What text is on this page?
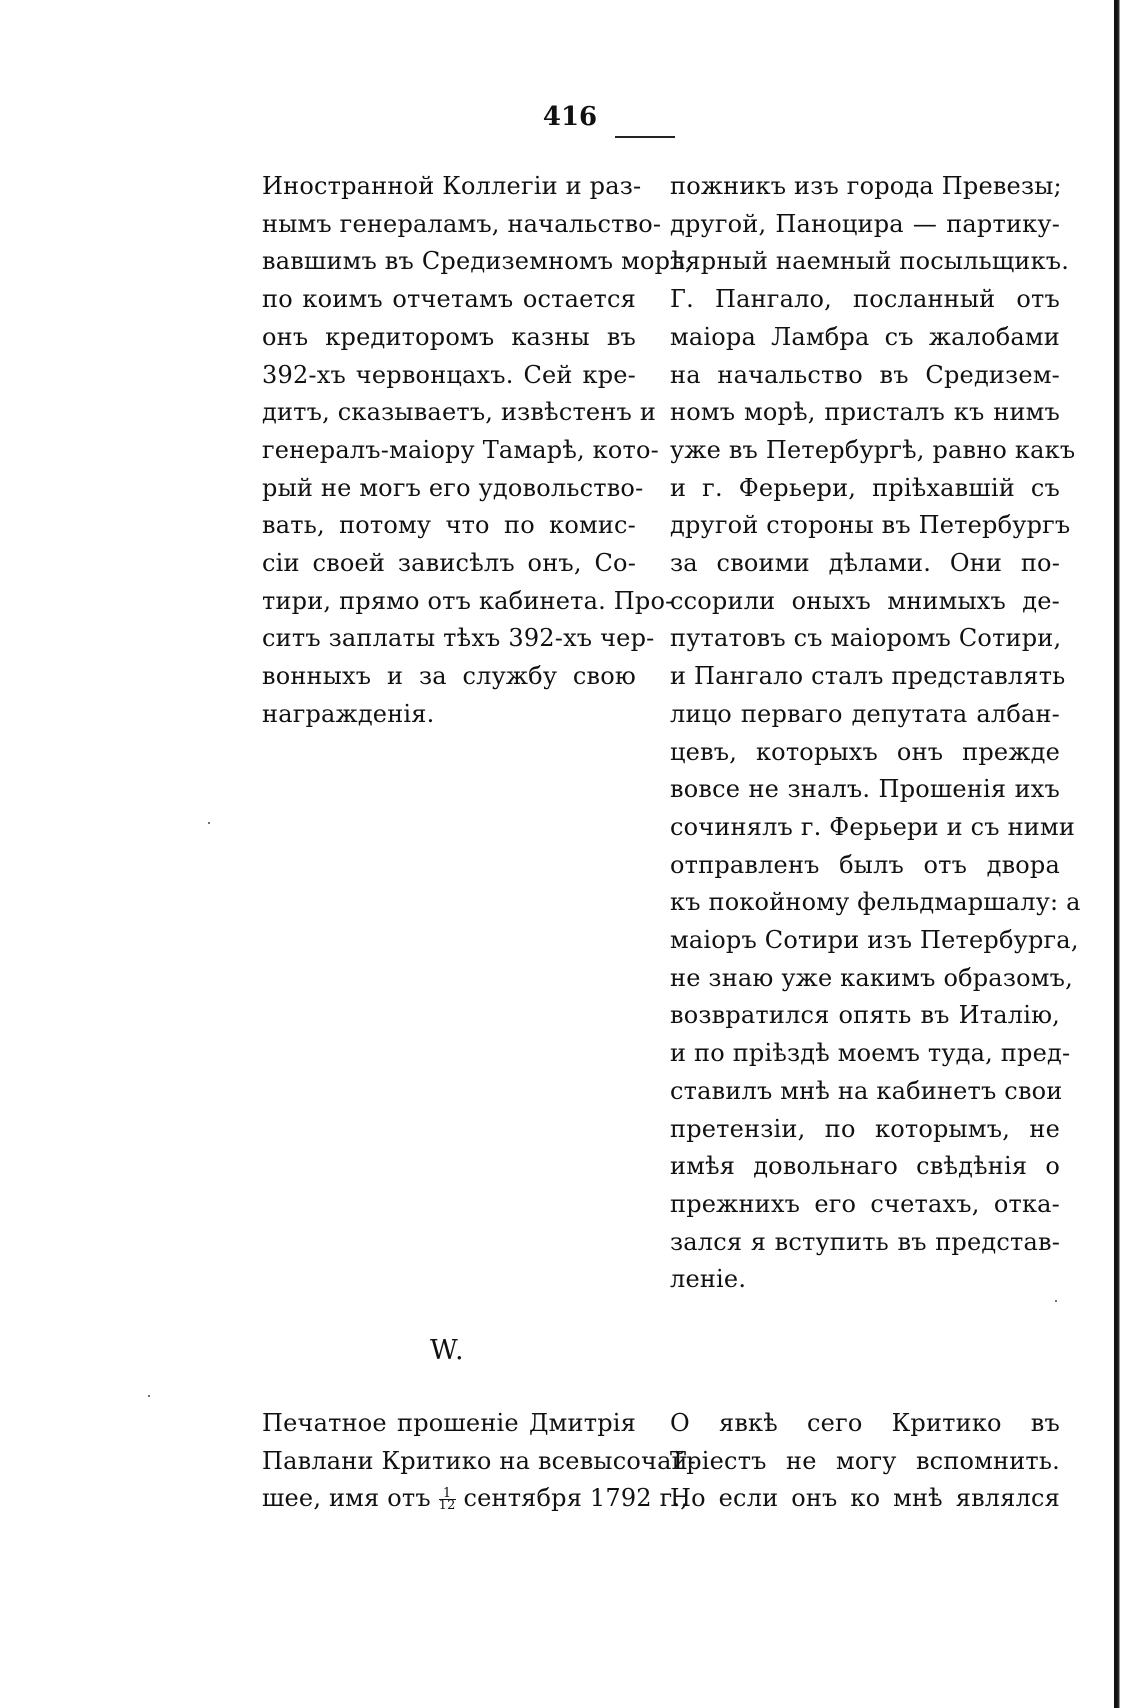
416
Иностранной Коллегіи и раз-
нымъ генераламъ, начальство-
вавшимъ въ Средиземномъ морѣ,
по коимъ отчетамъ остается
онъ кредиторомъ казны въ
392-хъ червонцахъ. Сей кре-
дитъ, сказываетъ, извѣстенъ и
генералъ-маіору Тамарѣ, кото-
рый не могъ его удовольство-
вать, потому что по комис-
сіи своей зависѣлъ онъ, Со-
тири, прямо отъ кабинета. Про-
ситъ заплаты тѣхъ 392-хъ чер-
вонныхъ и за службу свою
награжденія.
пожникъ изъ города Превезы;
другой, Паноцира — партику-
лярный наемный посыльщикъ.
Г. Пангало, посланный отъ
маіора Ламбра съ жалобами
на начальство въ Средизем-
номъ морѣ, присталъ къ нимъ
уже въ Петербургѣ, равно какъ
и г. Ферьери, пріѣхавшій съ
другой стороны въ Петербургъ
за своими дѣлами. Они по-
ссорили оныхъ мнимыхъ де-
путатовъ съ маіоромъ Сотири,
и Пангало сталъ представлять
лицо перваго депутата албан-
цевъ, которыхъ онъ прежде
вовсе не зналъ. Прошенія ихъ
сочинялъ г. Ферьери и съ ними
отправленъ былъ отъ двора
къ покойному фельдмаршалу: а
маіоръ Сотири изъ Петербурга,
не знаю уже какимъ образомъ,
возвратился опять въ Италію,
и по пріѣздѣ моемъ туда, пред-
ставилъ мнѣ на кабинетъ свои
претензіи, по которымъ, не
имѣя довольнаго свѣдѣнія о
прежнихъ его счетахъ, отка-
зался я вступить въ представ-
леніе.
W.
Печатное прошеніе Дмитрія
Павлани Критико на всевысочай-
шее, имя отъ $\frac{1}{12}$ сентября 1792 г.,
О явкѣ сего Критико въ
Тріестъ не могу вспомнить.
Но если онъ ко мнѣ являлся
